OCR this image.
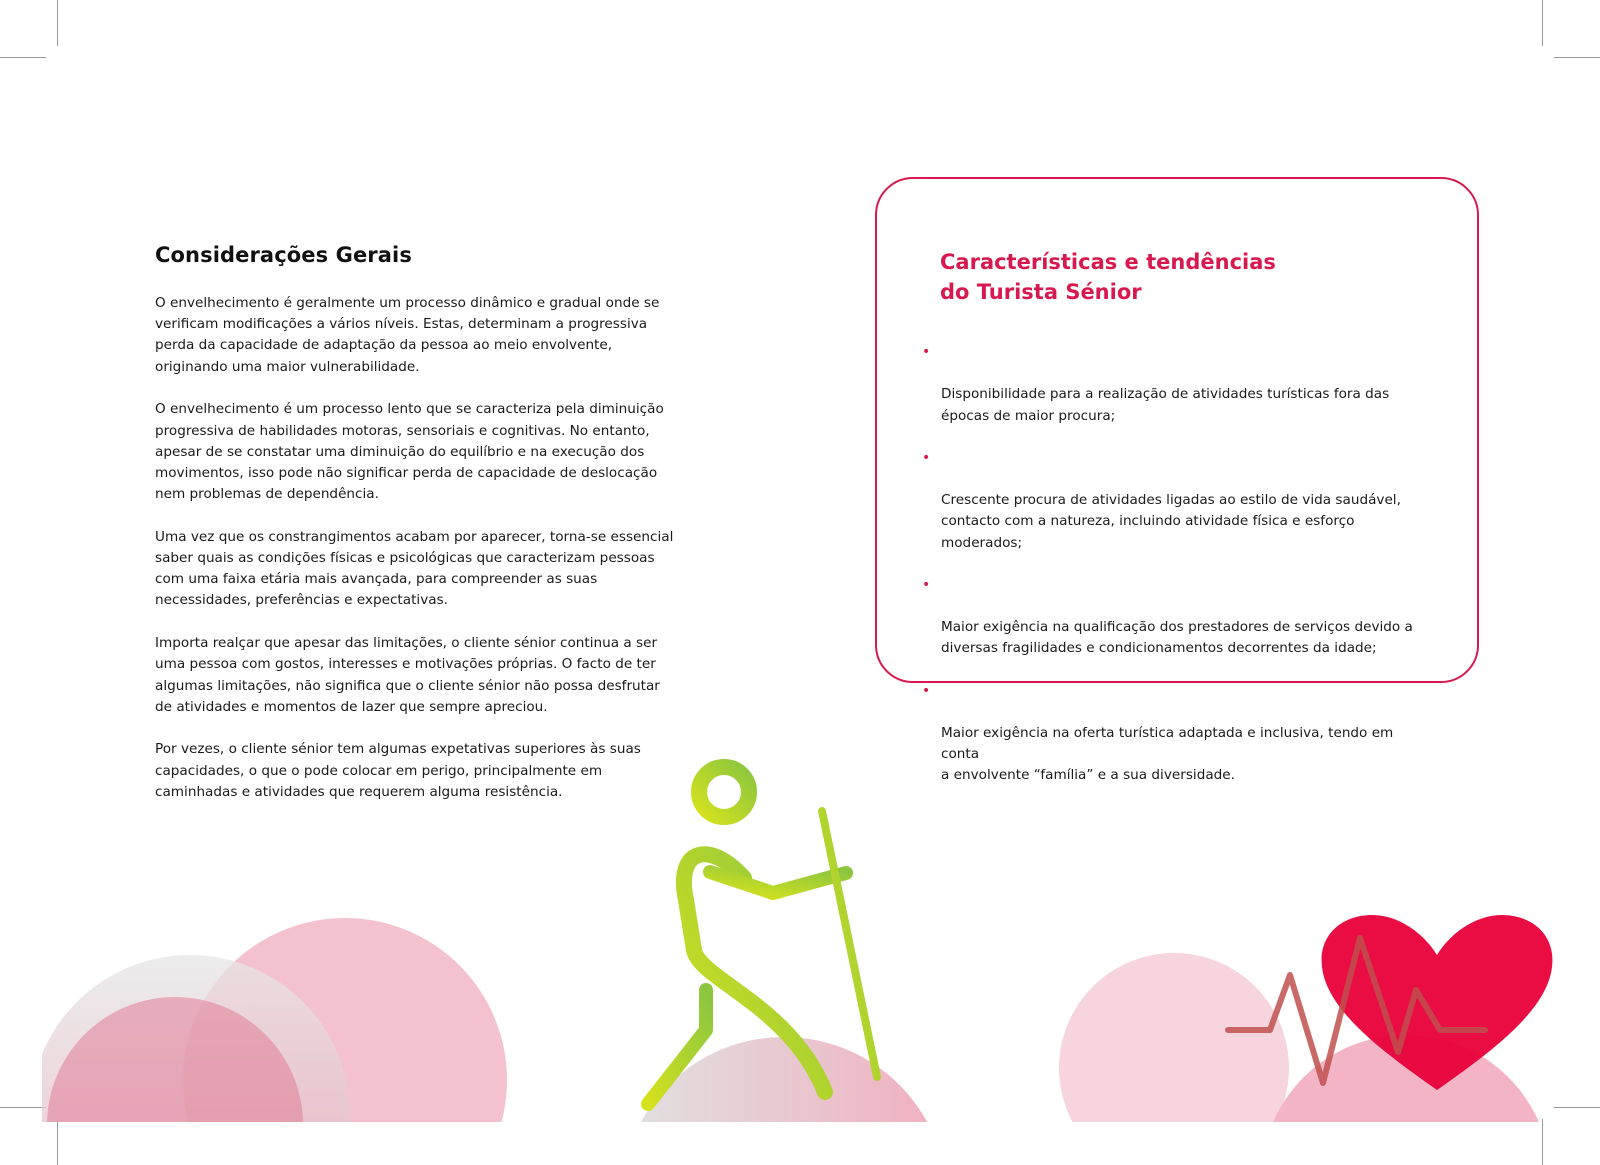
Considerações Gerais

O envelhecimento é geralmente um processo dinâmico e gradual onde se
verificam modificações a vários níveis. Estas, determinam a progressiva
perda da capacidade de adaptação da pessoa ao meio envolvente,
originando uma maior vulnerabilidade.

O envelhecimento é um processo lento que se caracteriza pela diminuição
progressiva de habilidades motoras, sensoriais e cognitivas. No entanto,
apesar de se constatar uma diminuição do equilíbrio e na execução dos
movimentos, isso pode não significar perda de capacidade de deslocação
nem problemas de dependência.

Uma vez que os constrangimentos acabam por aparecer, torna-se essencial
saber quais as condições físicas e psicológicas que caracterizam pessoas
com uma faixa etária mais avançada, para compreender as suas
necessidades, preferências e expectativas.

Importa realçar que apesar das limitações, o cliente sénior continua a ser
uma pessoa com gostos, interesses e motivações próprias. O facto de ter
algumas limitações, não significa que o cliente sénior não possa desfrutar
de atividades e momentos de lazer que sempre apreciou.

Por vezes, o cliente sénior tem algumas expetativas superiores às suas
capacidades, o que o pode colocar em perigo, principalmente em
caminhadas e atividades que requerem alguma resistência.

Características e tendências
do Turista Sénior

•

Disponibilidade para a realização de atividades turísticas fora das
épocas de maior procura;

•

Crescente procura de atividades ligadas ao estilo de vida saudável,
contacto com a natureza, incluindo atividade física e esforço
moderados;

•

Maior exigência na qualificação dos prestadores de serviços devido a
diversas fragilidades e condicionamentos decorrentes da idade;

•

Maior exigência na oferta turística adaptada e inclusiva, tendo em conta
a envolvente “família” e a sua diversidade.
